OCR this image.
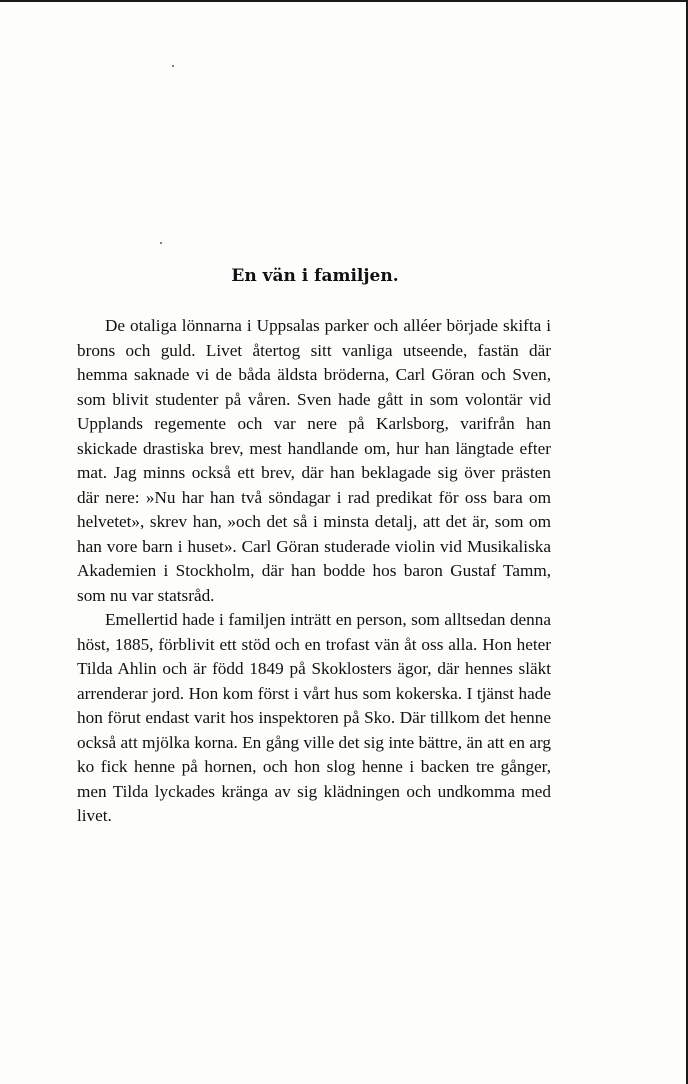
En vän i familjen.

De otaliga lönnarna i Uppsalas parker och alléer började skifta i brons och guld. Livet återtog sitt vanliga utseende, fastän där hemma saknade vi de båda äldsta bröderna, Carl Göran och Sven, som blivit studenter på våren. Sven hade gått in som volontär vid Upplands regemente och var nere på Karlsborg, varifrån han skickade drastiska brev, mest handlande om, hur han längtade efter mat. Jag minns också ett brev, där han beklagade sig över prästen där nere: »Nu har han två söndagar i rad predikat för oss bara om helvetet», skrev han, »och det så i minsta detalj, att det är, som om han vore barn i huset». Carl Göran studerade violin vid Musikaliska Akademien i Stockholm, där han bodde hos baron Gustaf Tamm, som nu var statsråd.

Emellertid hade i familjen inträtt en person, som alltsedan denna höst, 1885, förblivit ett stöd och en trofast vän åt oss alla. Hon heter Tilda Ahlin och är född 1849 på Skoklosters ägor, där hennes släkt arrenderar jord. Hon kom först i vårt hus som kokerska. I tjänst hade hon förut endast varit hos inspektoren på Sko. Där tillkom det henne också att mjölka korna. En gång ville det sig inte bättre, än att en arg ko fick henne på hornen, och hon slog henne i backen tre gånger, men Tilda lyckades kränga av sig klädningen och undkomma med livet.
